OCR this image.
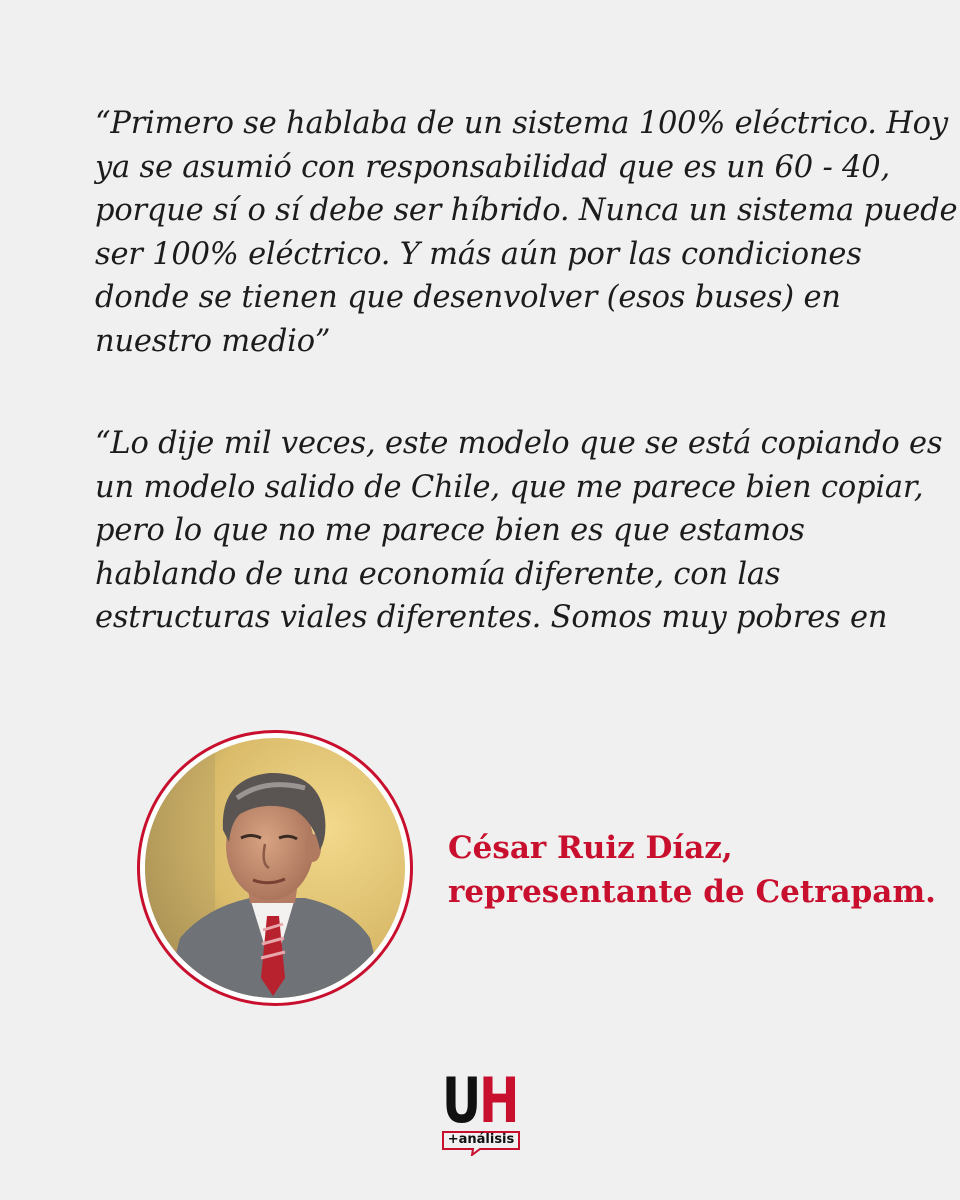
“Primero se hablaba de un sistema 100% eléctrico. Hoy
ya se asumió con responsabilidad que es un 60 - 40,
porque sí o sí debe ser híbrido. Nunca un sistema puede
ser 100% eléctrico. Y más aún por las condiciones
donde se tienen que desenvolver (esos buses) en
nuestro medio”
“Lo dije mil veces, este modelo que se está copiando es
un modelo salido de Chile, que me parece bien copiar,
pero lo que no me parece bien es que estamos
hablando de una economía diferente, con las
estructuras viales diferentes. Somos muy pobres en
César Ruiz Díaz,
representante de Cetrapam.
U H
+análisis
